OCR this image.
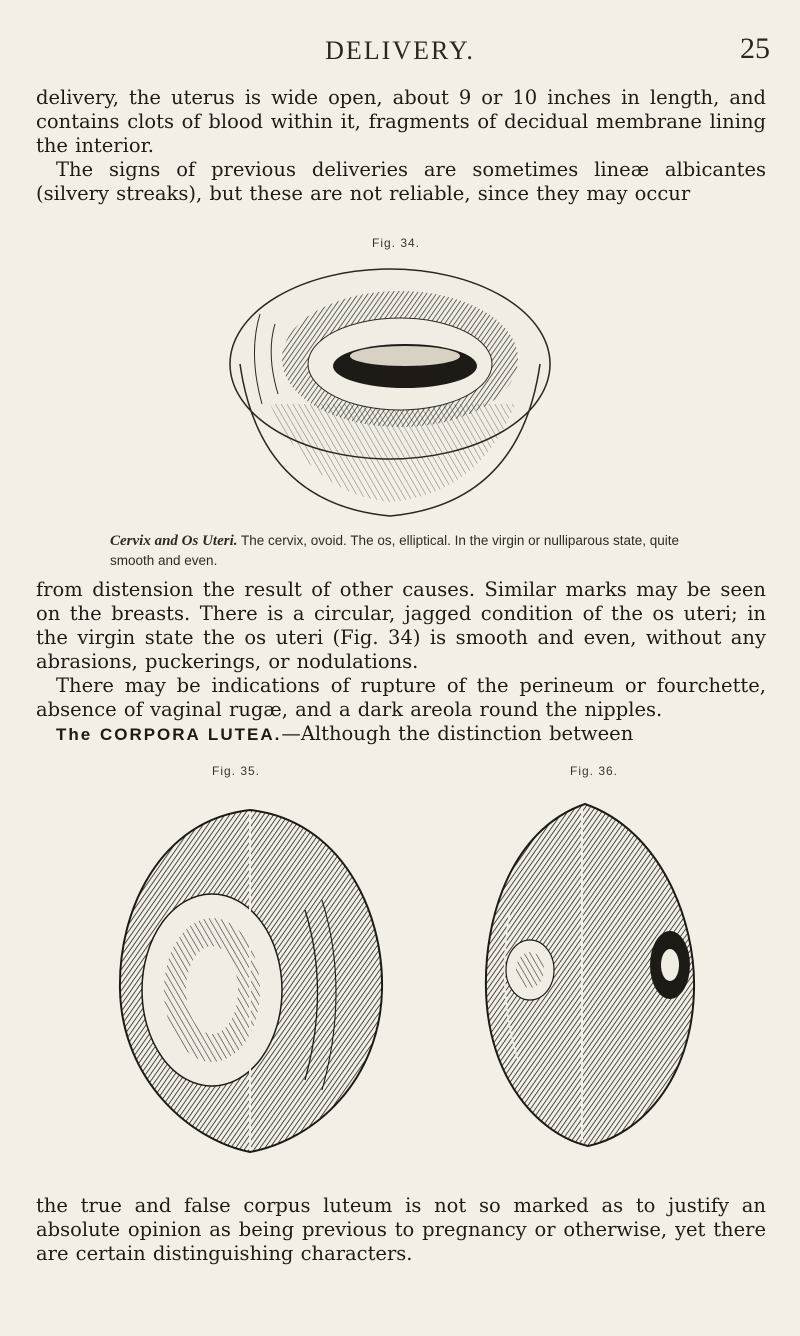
DELIVERY.	25

delivery, the uterus is wide open, about 9 or 10 inches in length, and contains clots of blood within it, fragments of decidual membrane lining the interior.

The signs of previous deliveries are sometimes lineæ albicantes (silvery streaks), but these are not reliable, since they may occur

Fig. 34.

Cervix and Os Uteri. The cervix, ovoid. The os, elliptical. In the virgin or nulliparous state, quite smooth and even.

from distension the result of other causes. Similar marks may be seen on the breasts. There is a circular, jagged condition of the os uteri; in the virgin state the os uteri (Fig. 34) is smooth and even, without any abrasions, puckerings, or nodulations.

There may be indications of rupture of the perineum or fourchette, absence of vaginal rugæ, and a dark areola round the nipples.

The CORPORA LUTEA.—Although the distinction between

Fig. 35.	Fig. 36.

the true and false corpus luteum is not so marked as to justify an absolute opinion as being previous to pregnancy or otherwise, yet there are certain distinguishing characters.
